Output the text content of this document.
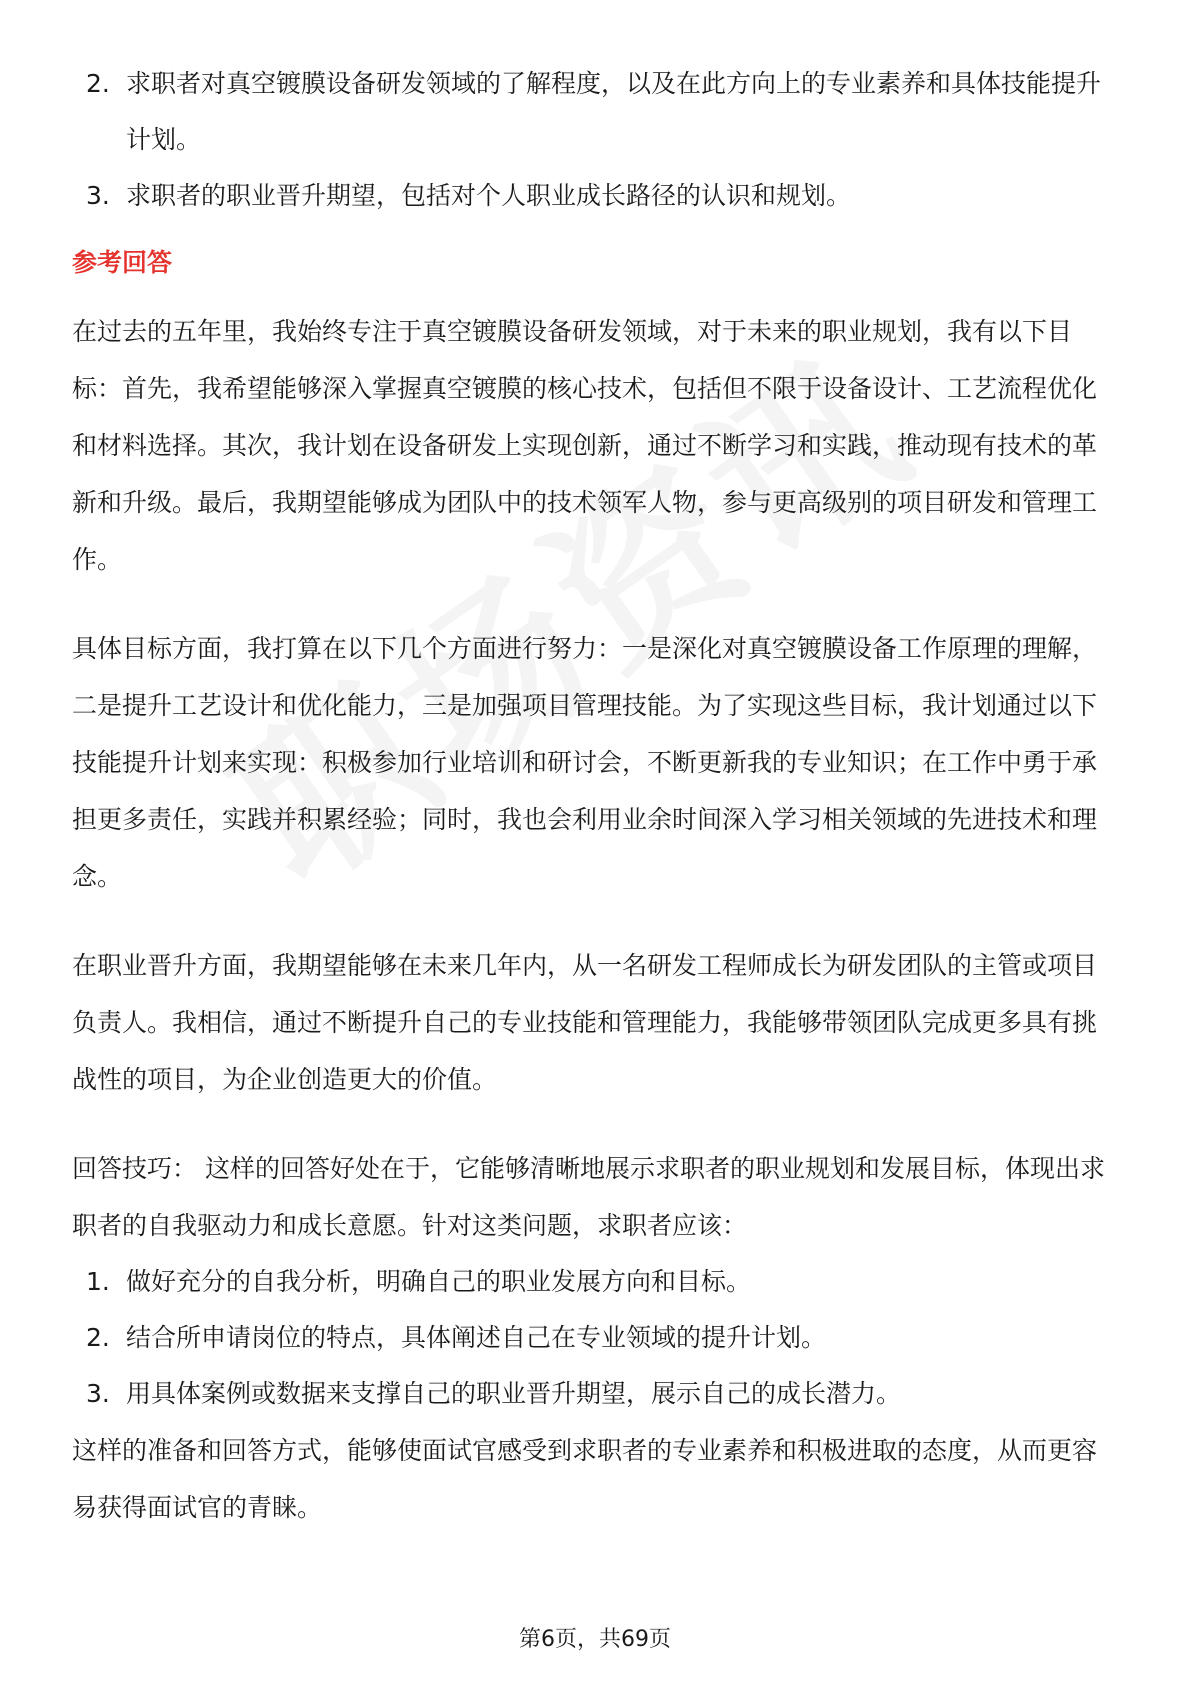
2. 求职者对真空镀膜设备研发领域的了解程度，以及在此方向上的专业素养和具体技能提升计划。
3. 求职者的职业晋升期望，包括对个人职业成长路径的认识和规划。
参考回答

在过去的五年里，我始终专注于真空镀膜设备研发领域，对于未来的职业规划，我有以下目标：首先，我希望能够深入掌握真空镀膜的核心技术，包括但不限于设备设计、工艺流程优化和材料选择。其次，我计划在设备研发上实现创新，通过不断学习和实践，推动现有技术的革新和升级。最后，我期望能够成为团队中的技术领军人物，参与更高级别的项目研发和管理工作。

具体目标方面，我打算在以下几个方面进行努力：一是深化对真空镀膜设备工作原理的理解，二是提升工艺设计和优化能力，三是加强项目管理技能。为了实现这些目标，我计划通过以下技能提升计划来实现：积极参加行业培训和研讨会，不断更新我的专业知识；在工作中勇于承担更多责任，实践并积累经验；同时，我也会利用业余时间深入学习相关领域的先进技术和理念。

在职业晋升方面，我期望能够在未来几年内，从一名研发工程师成长为研发团队的主管或项目负责人。我相信，通过不断提升自己的专业技能和管理能力，我能够带领团队完成更多具有挑战性的项目，为企业创造更大的价值。

回答技巧： 这样的回答好处在于，它能够清晰地展示求职者的职业规划和发展目标，体现出求职者的自我驱动力和成长意愿。针对这类问题，求职者应该：

1. 做好充分的自我分析，明确自己的职业发展方向和目标。
2. 结合所申请岗位的特点，具体阐述自己在专业领域的提升计划。
3. 用具体案例或数据来支撑自己的职业晋升期望，展示自己的成长潜力。

这样的准备和回答方式，能够使面试官感受到求职者的专业素养和积极进取的态度，从而更容易获得面试官的青睐。

第6页，共69页
